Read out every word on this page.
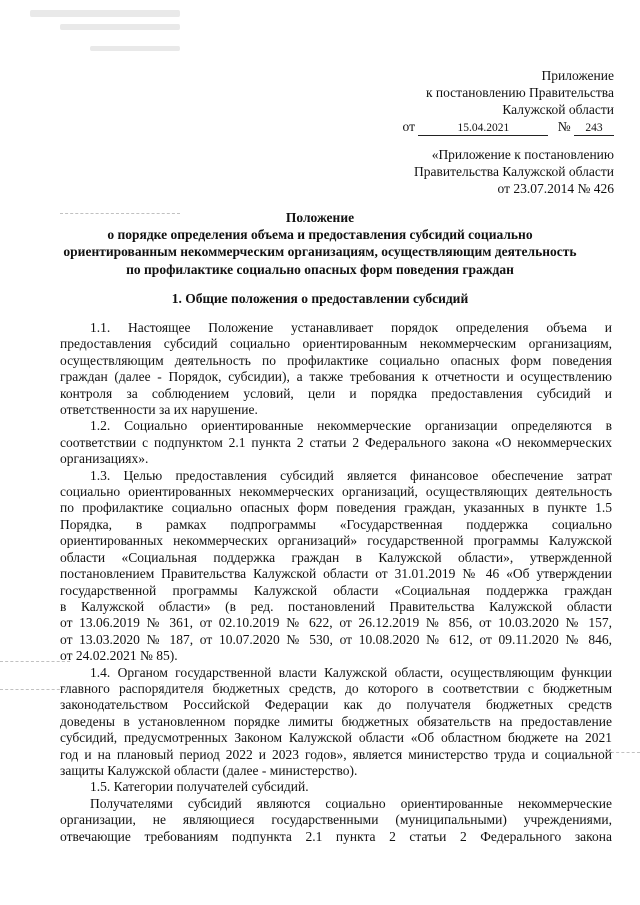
Приложение
к постановлению Правительства
Калужской области
от	15.04.2021	№ 243
«Приложение к постановлению
Правительства Калужской области
от 23.07.2014 № 426
Положение
о порядке определения объема и предоставления субсидий социально
ориентированным некоммерческим организациям, осуществляющим деятельность
по профилактике социально опасных форм поведения граждан
1. Общие положения о предоставлении субсидий
1.1. Настоящее Положение устанавливает порядок определения объема и
предоставления субсидий социально ориентированным некоммерческим организациям,
осуществляющим деятельность по профилактике социально опасных форм поведения
граждан (далее - Порядок, субсидии), а также требования к отчетности и осуществлению
контроля за соблюдением условий, цели и порядка предоставления субсидий и
ответственности за их нарушение.
1.2. Социально ориентированные некоммерческие организации определяются в
соответствии с подпунктом 2.1 пункта 2 статьи 2 Федерального закона «О некоммерческих
организациях».
1.3. Целью предоставления субсидий является финансовое обеспечение затрат
социально ориентированных некоммерческих организаций, осуществляющих деятельность
по профилактике социально опасных форм поведения граждан, указанных в пункте 1.5
Порядка, в рамках подпрограммы «Государственная поддержка социально
ориентированных некоммерческих организаций» государственной программы Калужской
области «Социальная поддержка граждан в Калужской области», утвержденной
постановлением Правительства Калужской области от 31.01.2019 № 46 «Об утверждении
государственной программы Калужской области «Социальная поддержка граждан
в Калужской области» (в ред. постановлений Правительства Калужской области
от 13.06.2019 № 361, от 02.10.2019 № 622, от 26.12.2019 № 856, от 10.03.2020 № 157,
от 13.03.2020 № 187, от 10.07.2020 № 530, от 10.08.2020 № 612, от 09.11.2020 № 846,
от 24.02.2021 № 85).
1.4. Органом государственной власти Калужской области, осуществляющим функции
главного распорядителя бюджетных средств, до которого в соответствии с бюджетным
законодательством Российской Федерации как до получателя бюджетных средств
доведены в установленном порядке лимиты бюджетных обязательств на предоставление
субсидий, предусмотренных Законом Калужской области «Об областном бюджете на 2021
год и на плановый период 2022 и 2023 годов», является министерство труда и социальной
защиты Калужской области (далее - министерство).
1.5. Категории получателей субсидий.
Получателями субсидий являются социально ориентированные некоммерческие
организации, не являющиеся государственными (муниципальными) учреждениями,
отвечающие требованиям подпункта 2.1 пункта 2 статьи 2 Федерального закона
